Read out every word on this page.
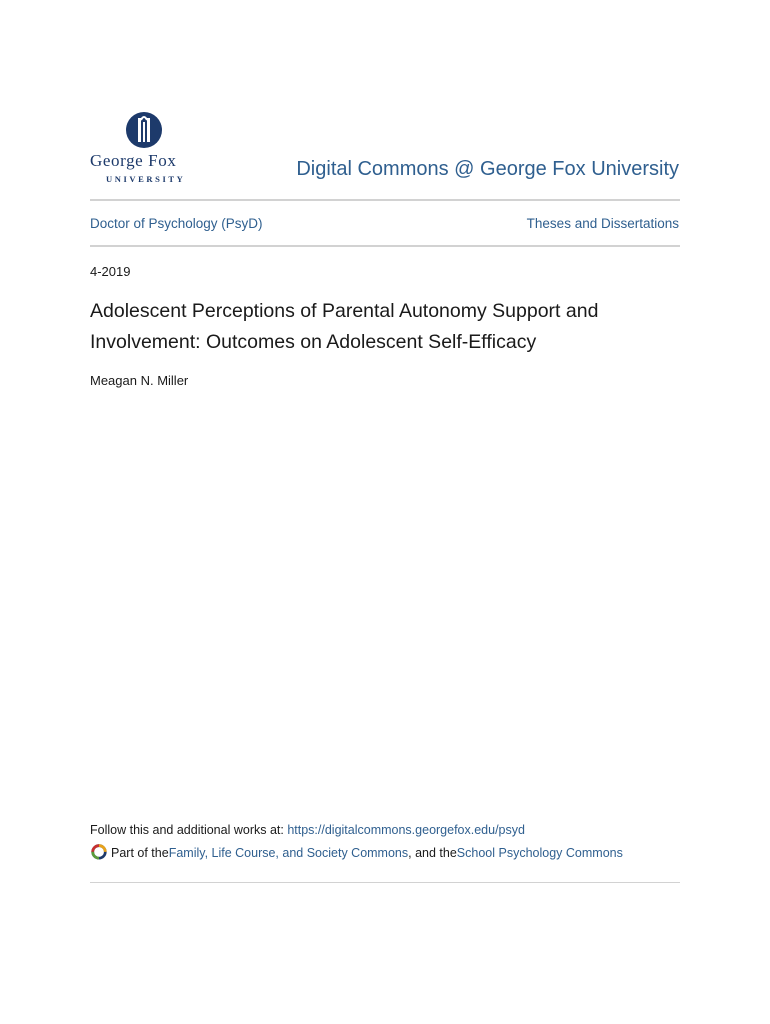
George Fox
UNIVERSITY	Digital Commons @ George Fox University
Doctor of Psychology (PsyD)	Theses and Dissertations
4-2019
Adolescent Perceptions of Parental Autonomy Support and Involvement: Outcomes on Adolescent Self-Efficacy
Meagan N. Miller
Follow this and additional works at: https://digitalcommons.georgefox.edu/psyd
Part of the Family, Life Course, and Society Commons , and the School Psychology Commons
